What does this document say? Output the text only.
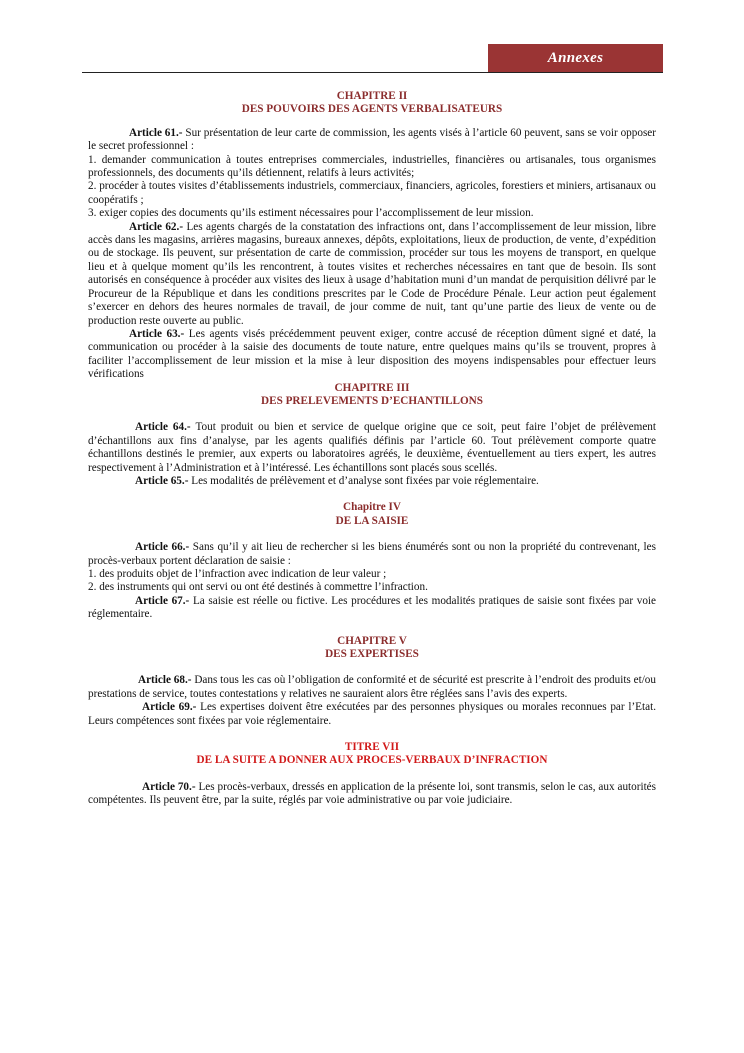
Annexes
CHAPITRE II
DES POUVOIRS DES AGENTS VERBALISATEURS

Article 61.- Sur présentation de leur carte de commission, les agents visés à l’article 60 peuvent, sans se voir opposer le secret professionnel :

1. demander communication à toutes entreprises commerciales, industrielles, financières ou artisanales, tous organismes professionnels, des documents qu’ils détiennent, relatifs à leurs activités;

2. procéder à toutes visites d’établissements industriels, commerciaux, financiers, agricoles, forestiers et miniers, artisanaux ou coopératifs ;

3. exiger copies des documents qu’ils estiment nécessaires pour l’accomplissement de leur mission.

Article 62.- Les agents chargés de la constatation des infractions ont, dans l’accomplissement de leur mission, libre accès dans les magasins, arrières magasins, bureaux annexes, dépôts, exploitations, lieux de production, de vente, d’expédition ou de stockage. Ils peuvent, sur présentation de carte de commission, procéder sur tous les moyens de transport, en quelque lieu et à quelque moment qu’ils les rencontrent, à toutes visites et recherches nécessaires en tant que de besoin. Ils sont autorisés en conséquence à procéder aux visites des lieux à usage d’habitation muni d’un mandat de perquisition délivré par le Procureur de la République et dans les conditions prescrites par le Code de Procédure Pénale. Leur action peut également s’exercer en dehors des heures normales de travail, de jour comme de nuit, tant qu’une partie des lieux de vente ou de production reste ouverte au public.

Article 63.- Les agents visés précédemment peuvent exiger, contre accusé de réception dûment signé et daté, la communication ou procéder à la saisie des documents de toute nature, entre quelques mains qu’ils se trouvent, propres à faciliter l’accomplissement de leur mission et la mise à leur disposition des moyens indispensables pour effectuer leurs vérifications

CHAPITRE III
DES PRELEVEMENTS D’ECHANTILLONS

Article 64.- Tout produit ou bien et service de quelque origine que ce soit, peut faire l’objet de prélèvement d’échantillons aux fins d’analyse, par les agents qualifiés définis par l’article 60. Tout prélèvement comporte quatre échantillons destinés le premier, aux experts ou laboratoires agréés, le deuxième, éventuellement au tiers expert, les autres respectivement à l’Administration et à l’intéressé. Les échantillons sont placés sous scellés.

Article 65.- Les modalités de prélèvement et d’analyse sont fixées par voie réglementaire.

Chapitre IV
DE LA SAISIE

Article 66.- Sans qu’il y ait lieu de rechercher si les biens énumérés sont ou non la propriété du contrevenant, les procès-verbaux portent déclaration de saisie :

1. des produits objet de l’infraction avec indication de leur valeur ;

2. des instruments qui ont servi ou ont été destinés à commettre l’infraction.

Article 67.- La saisie est réelle ou fictive. Les procédures et les modalités pratiques de saisie sont fixées par voie réglementaire.

CHAPITRE V
DES EXPERTISES

Article 68.- Dans tous les cas où l’obligation de conformité et de sécurité est prescrite à l’endroit des produits et/ou prestations de service, toutes contestations y relatives ne sauraient alors être réglées sans l’avis des experts.

Article 69.- Les expertises doivent être exécutées par des personnes physiques ou morales reconnues par l’Etat. Leurs compétences sont fixées par voie réglementaire.

TITRE VII
DE LA SUITE A DONNER AUX PROCES-VERBAUX D’INFRACTION

Article 70.- Les procès-verbaux, dressés en application de la présente loi, sont transmis, selon le cas, aux autorités compétentes. Ils peuvent être, par la suite, réglés par voie administrative ou par voie judiciaire.
